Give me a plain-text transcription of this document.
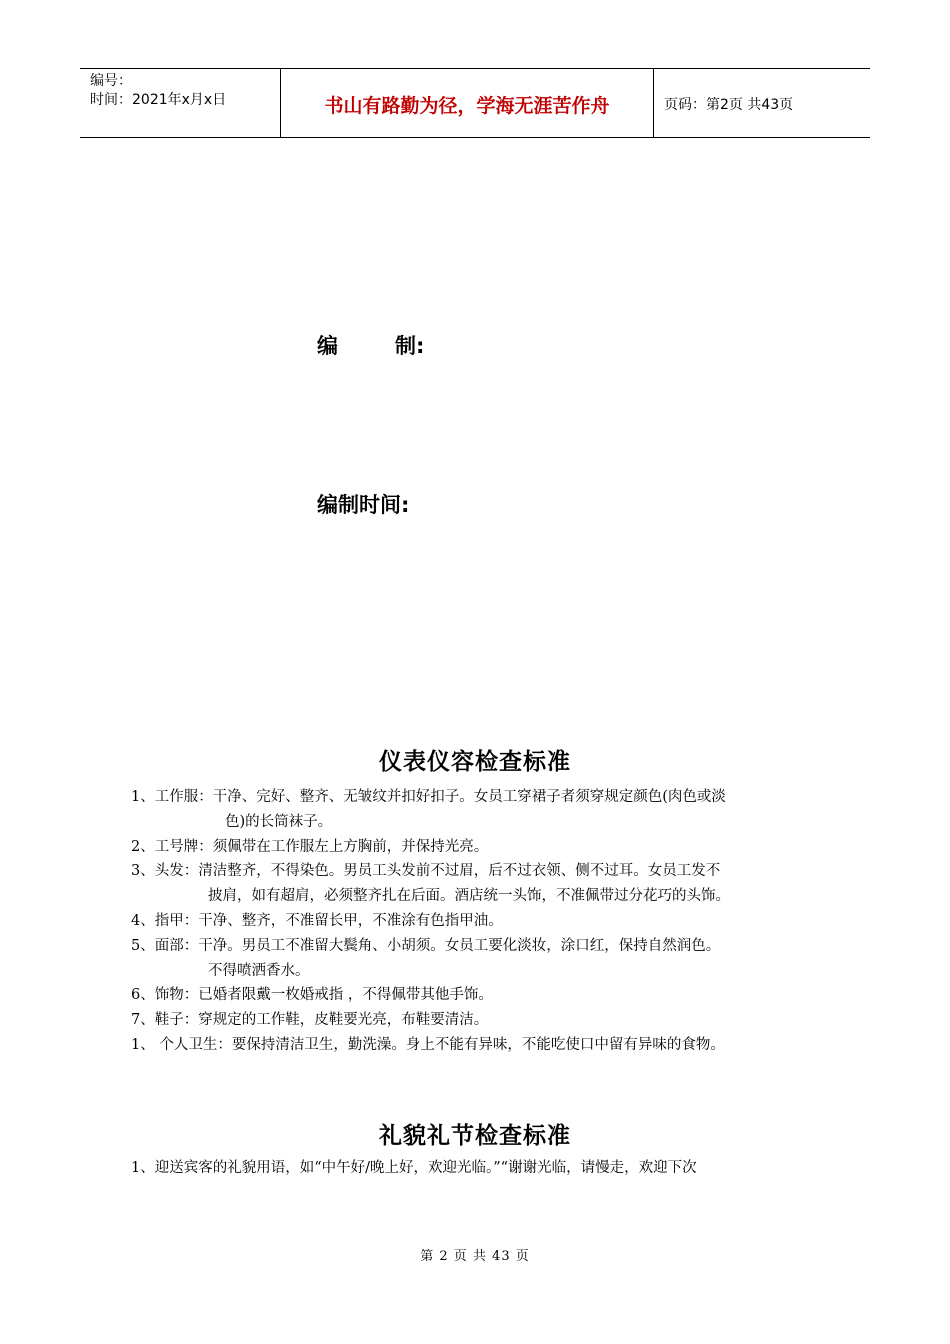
编号：
时间：2021年x月x日	书山有路勤为径，学海无涯苦作舟	页码：第2页 共43页
编	制:
编制时间:
仪表仪容检查标准
1、工作服：干净、完好、整齐、无皱纹并扣好扣子。女员工穿裙子者须穿规定颜色(肉色或淡
色)的长筒袜子。
2、工号牌：须佩带在工作服左上方胸前，并保持光亮。
3、头发：清洁整齐，不得染色。男员工头发前不过眉，后不过衣领、侧不过耳。女员工发不
披肩，如有超肩，必须整齐扎在后面。酒店统一头饰，不准佩带过分花巧的头饰。
4、指甲：干净、整齐，不准留长甲，不准涂有色指甲油。
5、面部：干净。男员工不准留大鬓角、小胡须。女员工要化淡妆，涂口红，保持自然润色。
不得喷洒香水。
6、饰物：已婚者限戴一枚婚戒指 ，不得佩带其他手饰。
7、鞋子：穿规定的工作鞋，皮鞋要光亮，布鞋要清洁。
1、 个人卫生：要保持清洁卫生，勤洗澡。身上不能有异味，不能吃使口中留有异味的食物。
礼貌礼节检查标准
1、迎送宾客的礼貌用语，如“中午好/晚上好，欢迎光临。”“谢谢光临，请慢走，欢迎下次
第 2 页 共 43 页
